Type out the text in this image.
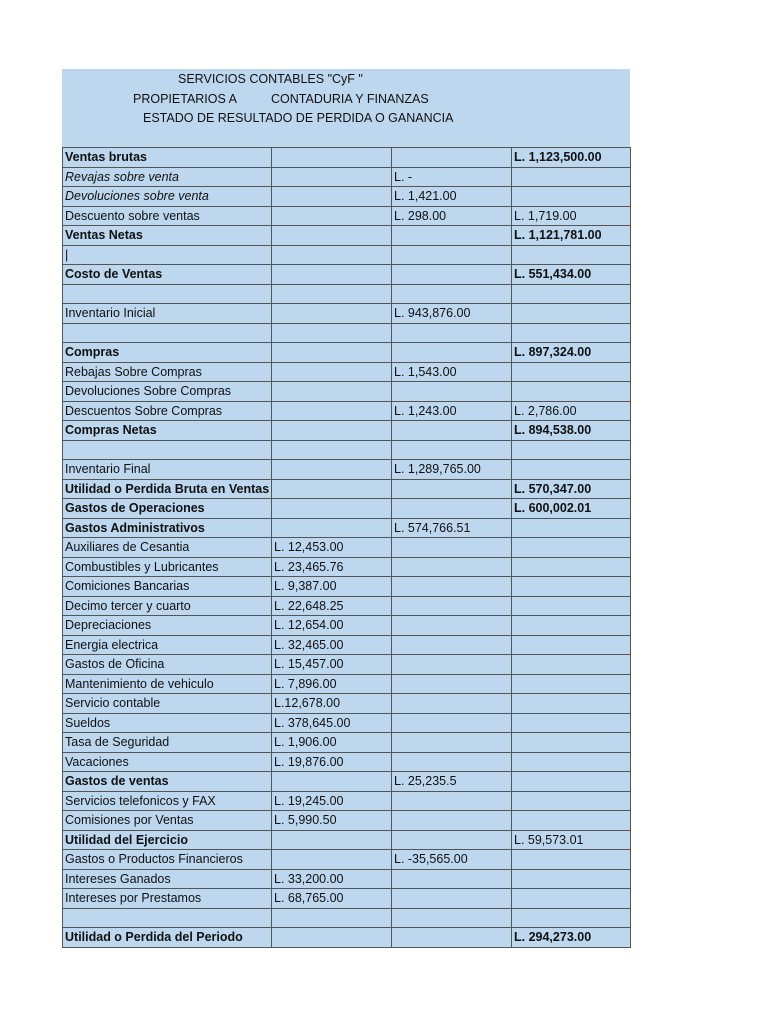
SERVICIOS CONTABLES "CyF "
PROPIETARIOS A	CONTADURIA Y FINANZAS
ESTADO DE RESULTADO DE PERDIDA O GANANCIA
Ventas brutas			L. 1,123,500.00
Revajas sobre venta		L. -	
Devoluciones sobre venta		L. 1,421.00	
Descuento sobre ventas		L. 298.00	L. 1,719.00
Ventas Netas			L. 1,121,781.00
|			
Costo de Ventas			L. 551,434.00

Inventario Inicial		L. 943,876.00	

Compras			L. 897,324.00
Rebajas Sobre Compras		L. 1,543.00	
Devoluciones Sobre Compras			
Descuentos Sobre Compras		L. 1,243.00	L. 2,786.00
Compras Netas			L. 894,538.00

Inventario Final		L. 1,289,765.00	
Utilidad o Perdida Bruta en Ventas			L. 570,347.00
Gastos de Operaciones			L. 600,002.01
Gastos Administrativos		L. 574,766.51	
Auxiliares de Cesantia	L. 12,453.00		
Combustibles y Lubricantes	L. 23,465.76		
Comiciones Bancarias	L. 9,387.00		
Decimo tercer y cuarto	L. 22,648.25		
Depreciaciones	L. 12,654.00		
Energia electrica	L. 32,465.00		
Gastos de Oficina	L. 15,457.00		
Mantenimiento de vehiculo	L. 7,896.00		
Servicio contable	L.12,678.00		
Sueldos	L. 378,645.00		
Tasa de Seguridad	L. 1,906.00		
Vacaciones	L. 19,876.00		
Gastos de ventas		L. 25,235.5	
Servicios telefonicos y FAX	L. 19,245.00		
Comisiones por Ventas	L. 5,990.50		
Utilidad del Ejercicio			L. 59,573.01
Gastos o Productos Financieros		L. -35,565.00	
Intereses Ganados	L. 33,200.00		
Intereses por Prestamos	L. 68,765.00		

Utilidad o Perdida del Periodo			L. 294,273.00
